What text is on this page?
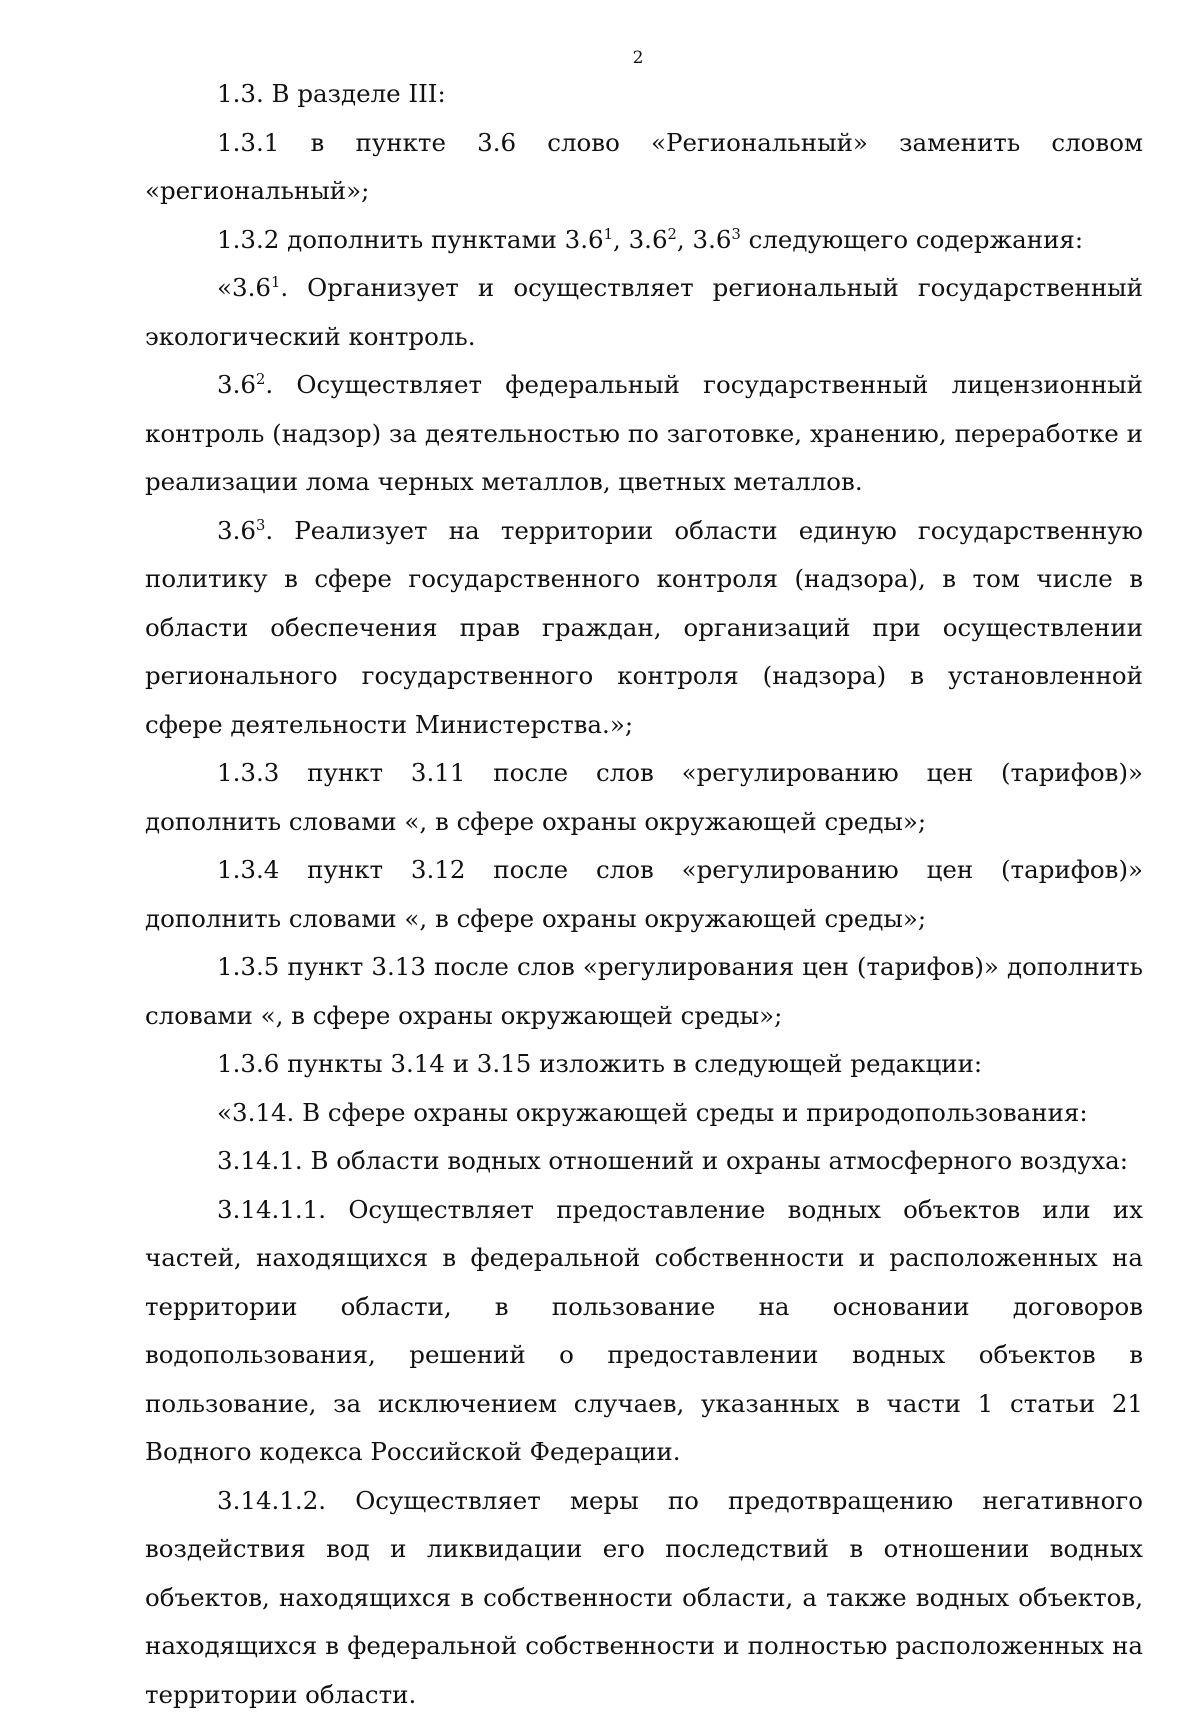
2

1.3. В разделе III:

1.3.1 в пункте 3.6 слово «Региональный» заменить словом «региональный»;

1.3.2 дополнить пунктами $3.6^1$, $3.6^2$, $3.6^3$ следующего содержания:

«$3.6^1$. Организует и осуществляет региональный государственный экологический контроль.

$3.6^2$. Осуществляет федеральный государственный лицензионный контроль (надзор) за деятельностью по заготовке, хранению, переработке и реализации лома черных металлов, цветных металлов.

$3.6^3$. Реализует на территории области единую государственную политику в сфере государственного контроля (надзора), в том числе в области обеспечения прав граждан, организаций при осуществлении регионального государственного контроля (надзора) в установленной сфере деятельности Министерства.»;

1.3.3 пункт 3.11 после слов «регулированию цен (тарифов)» дополнить словами «, в сфере охраны окружающей среды»;

1.3.4 пункт 3.12 после слов «регулированию цен (тарифов)» дополнить словами «, в сфере охраны окружающей среды»;

1.3.5 пункт 3.13 после слов «регулирования цен (тарифов)» дополнить словами «, в сфере охраны окружающей среды»;

1.3.6 пункты 3.14 и 3.15 изложить в следующей редакции:

«3.14. В сфере охраны окружающей среды и природопользования:

3.14.1. В области водных отношений и охраны атмосферного воздуха:

3.14.1.1. Осуществляет предоставление водных объектов или их частей, находящихся в федеральной собственности и расположенных на территории области, в пользование на основании договоров водопользования, решений о предоставлении водных объектов в пользование, за исключением случаев, указанных в части 1 статьи 21 Водного кодекса Российской Федерации.

3.14.1.2. Осуществляет меры по предотвращению негативного воздействия вод и ликвидации его последствий в отношении водных объектов, находящихся в собственности области, а также водных объектов, находящихся в федеральной собственности и полностью расположенных на территории области.
